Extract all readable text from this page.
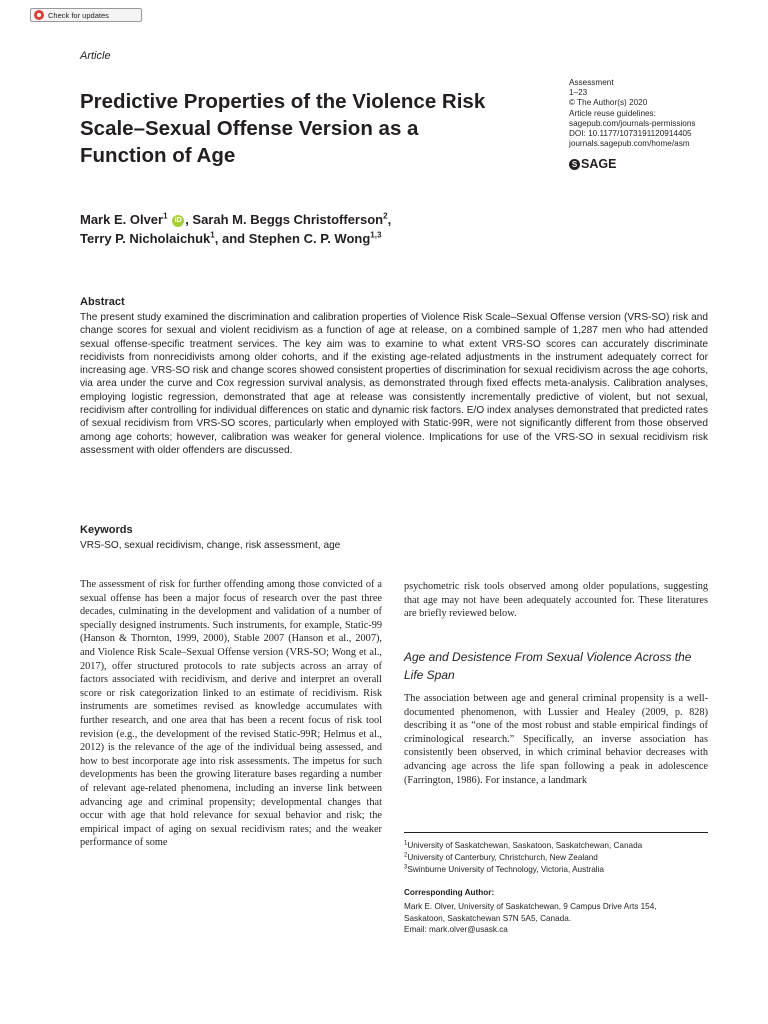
Check for updates
Article
Predictive Properties of the Violence Risk Scale–Sexual Offense Version as a Function of Age
Assessment
1–23
© The Author(s) 2020
Article reuse guidelines:
sagepub.com/journals-permissions
DOI: 10.1177/1073191120914405
journals.sagepub.com/home/asm
S SAGE
Mark E. Olver$^1$ iD , Sarah M. Beggs Christofferson$^2$,
Terry P. Nicholaichuk$^1$, and Stephen C. P. Wong$^{1,3}$
Abstract
The present study examined the discrimination and calibration properties of Violence Risk Scale–Sexual Offense version (VRS-SO) risk and change scores for sexual and violent recidivism as a function of age at release, on a combined sample of 1,287 men who had attended sexual offense-specific treatment services. The key aim was to examine to what extent VRS-SO scores can accurately discriminate recidivists from nonrecidivists among older cohorts, and if the existing age-related adjustments in the instrument adequately correct for increasing age. VRS-SO risk and change scores showed consistent properties of discrimination for sexual recidivism across the age cohorts, via area under the curve and Cox regression survival analysis, as demonstrated through fixed effects meta-analysis. Calibration analyses, employing logistic regression, demonstrated that age at release was consistently incrementally predictive of violent, but not sexual, recidivism after controlling for individual differences on static and dynamic risk factors. E/O index analyses demonstrated that predicted rates of sexual recidivism from VRS-SO scores, particularly when employed with Static-99R, were not significantly different from those observed among age cohorts; however, calibration was weaker for general violence. Implications for use of the VRS-SO in sexual recidivism risk assessment with older offenders are discussed.
Keywords
VRS-SO, sexual recidivism, change, risk assessment, age
The assessment of risk for further offending among those convicted of a sexual offense has been a major focus of research over the past three decades, culminating in the development and validation of a number of specially designed instruments. Such instruments, for example, Static-99 (Hanson & Thornton, 1999, 2000), Stable 2007 (Hanson et al., 2007), and Violence Risk Scale–Sexual Offense version (VRS-SO; Wong et al., 2017), offer structured protocols to rate subjects across an array of factors associated with recidivism, and derive and interpret an overall score or risk categorization linked to an estimate of recidivism. Risk instruments are sometimes revised as knowledge accumulates with further research, and one area that has been a recent focus of risk tool revision (e.g., the development of the revised Static-99R; Helmus et al., 2012) is the relevance of the age of the individual being assessed, and how to best incorporate age into risk assessments. The impetus for such developments has been the growing literature bases regarding a number of relevant age-related phenomena, including an inverse link between advancing age and criminal propensity; developmental changes that occur with age that hold relevance for sexual behavior and risk; the empirical impact of aging on sexual recidivism rates; and the weaker performance of some
psychometric risk tools observed among older populations, suggesting that age may not have been adequately accounted for. These literatures are briefly reviewed below.
Age and Desistence From Sexual Violence Across the Life Span
The association between age and general criminal propensity is a well-documented phenomenon, with Lussier and Healey (2009, p. 828) describing it as “one of the most robust and stable empirical findings of criminological research.” Specifically, an inverse association has consistently been observed, in which criminal behavior decreases with advancing age across the life span following a peak in adolescence (Farrington, 1986). For instance, a landmark
$^1$University of Saskatchewan, Saskatoon, Saskatchewan, Canada
$^2$University of Canterbury, Christchurch, New Zealand
$^3$Swinburne University of Technology, Victoria, Australia
Corresponding Author:
Mark E. Olver, University of Saskatchewan, 9 Campus Drive Arts 154,
Saskatoon, Saskatchewan S7N 5A5, Canada.
Email: mark.olver@usask.ca
